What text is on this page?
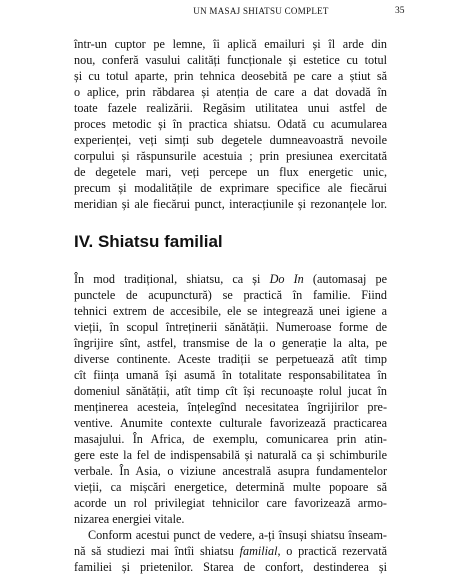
UN MASAJ SHIATSU COMPLET	35
într-un cuptor pe lemne, îi aplică emailuri și îl arde din
nou, conferă vasului calități funcționale și estetice cu totul
și cu totul aparte, prin tehnica deosebită pe care a știut să
o aplice, prin răbdarea și atenția de care a dat dovadă în
toate fazele realizării. Regăsim utilitatea unui astfel de
proces metodic și în practica shiatsu. Odată cu acumularea
experienței, veți simți sub degetele dumneavoastră nevoile
corpului și răspunsurile acestuia ; prin presiunea exercitată
de degetele mari, veți percepe un flux energetic unic,
precum și modalitățile de exprimare specifice ale fiecărui
meridian și ale fiecărui punct, interacțiunile și rezonanțele lor.
IV. Shiatsu familial
În mod tradițional, shiatsu, ca și Do In (automasaj pe
punctele de acupunctură) se practică în familie. Fiind
tehnici extrem de accesibile, ele se integrează unei igiene a
vieții, în scopul întreținerii sănătății. Numeroase forme de
îngrijire sînt, astfel, transmise de la o generație la alta, pe
diverse continente. Aceste tradiții se perpetuează atît timp
cît ființa umană își asumă în totalitate responsabilitatea în
domeniul sănătății, atît timp cît își recunoaște rolul jucat în
menținerea acesteia, înțelegînd necesitatea îngrijirilor pre-
ventive. Anumite contexte culturale favorizează practicarea
masajului. În Africa, de exemplu, comunicarea prin atin-
gere este la fel de indispensabilă și naturală ca și schimburile
verbale. În Asia, o viziune ancestrală asupra fundamentelor
vieții, ca mișcări energetice, determină multe popoare să
acorde un rol privilegiat tehnicilor care favorizează armo-
nizarea energiei vitale.
Conform acestui punct de vedere, a-ți însuși shiatsu înseam-
nă să studiezi mai întîi shiatsu familial, o practică rezervată
familiei și prietenilor. Starea de confort, destinderea și
